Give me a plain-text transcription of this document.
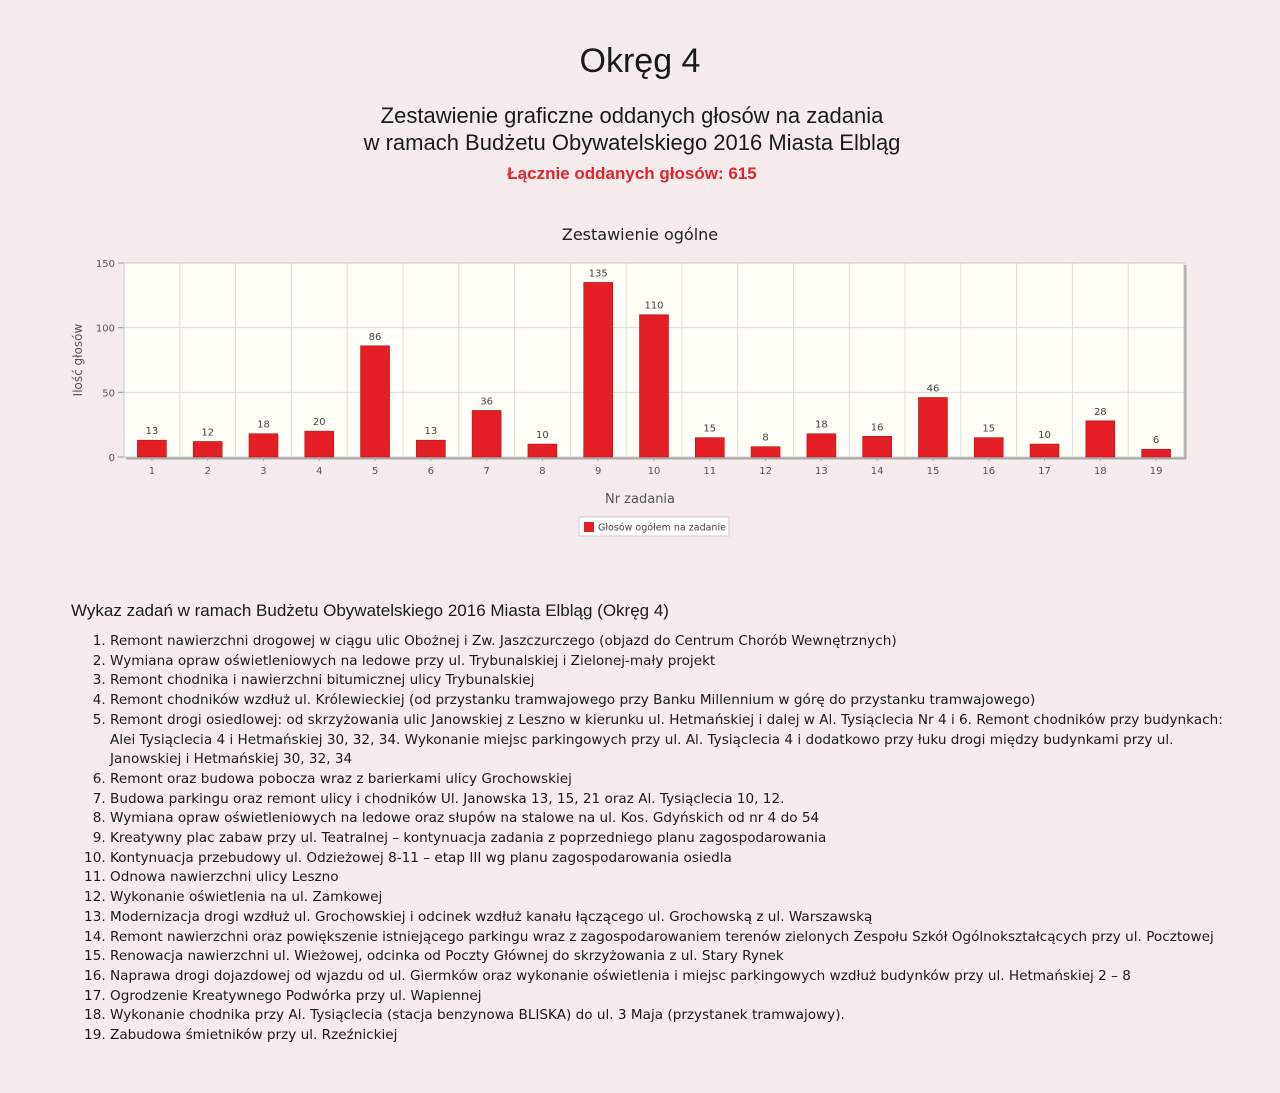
Okręg 4
Zestawienie graficzne oddanych głosów na zadania
w ramach Budżetu Obywatelskiego 2016 Miasta Elbląg
Łącznie oddanych głosów: 615
Zestawienie ogólne
0
50
100
150
13
1
12
2
18
3
20
4
86
5
13
6
36
7
10
8
135
9
110
10
15
11
8
12
18
13
16
14
46
15
15
16
10
17
28
18
6
19
Nr zadania
Ilość głosów
Głosów ogółem na zadanie
Wykaz zadań w ramach Budżetu Obywatelskiego 2016 Miasta Elbląg (Okręg 4)
1. Remont nawierzchni drogowej w ciągu ulic Obożnej i Zw. Jaszczurczego (objazd do Centrum Chorób Wewnętrznych)
2. Wymiana opraw oświetleniowych na ledowe przy ul. Trybunalskiej i Zielonej-mały projekt
3. Remont chodnika i nawierzchni bitumicznej ulicy Trybunalskiej
4. Remont chodników wzdłuż ul. Królewieckiej (od przystanku tramwajowego przy Banku Millennium w górę do przystanku tramwajowego)
5. Remont drogi osiedlowej: od skrzyżowania ulic Janowskiej z Leszno w kierunku ul. Hetmańskiej i dalej w Al. Tysiąclecia Nr 4 i 6. Remont chodników przy budynkach: Alei Tysiąclecia 4 i Hetmańskiej 30, 32, 34. Wykonanie miejsc parkingowych przy ul. Al. Tysiąclecia 4 i dodatkowo przy łuku drogi między budynkami przy ul. Janowskiej i Hetmańskiej 30, 32, 34
6. Remont oraz budowa pobocza wraz z barierkami ulicy Grochowskiej
7. Budowa parkingu oraz remont ulicy i chodników Ul. Janowska 13, 15, 21 oraz Al. Tysiąclecia 10, 12.
8. Wymiana opraw oświetleniowych na ledowe oraz słupów na stalowe na ul. Kos. Gdyńskich od nr 4 do 54
9. Kreatywny plac zabaw przy ul. Teatralnej – kontynuacja zadania z poprzedniego planu zagospodarowania
10. Kontynuacja przebudowy ul. Odzieżowej 8-11 – etap III wg planu zagospodarowania osiedla
11. Odnowa nawierzchni ulicy Leszno
12. Wykonanie oświetlenia na ul. Zamkowej
13. Modernizacja drogi wzdłuż ul. Grochowskiej i odcinek wzdłuż kanału łączącego ul. Grochowską z ul. Warszawską
14. Remont nawierzchni oraz powiększenie istniejącego parkingu wraz z zagospodarowaniem terenów zielonych Zespołu Szkół Ogólnokształcących przy ul. Pocztowej
15. Renowacja nawierzchni ul. Wieżowej, odcinka od Poczty Głównej do skrzyżowania z ul. Stary Rynek
16. Naprawa drogi dojazdowej od wjazdu od ul. Giermków oraz wykonanie oświetlenia i miejsc parkingowych wzdłuż budynków przy ul. Hetmańskiej 2 – 8
17. Ogrodzenie Kreatywnego Podwórka przy ul. Wapiennej
18. Wykonanie chodnika przy Al. Tysiąclecia (stacja benzynowa BLISKA) do ul. 3 Maja (przystanek tramwajowy).
19. Zabudowa śmietników przy ul. Rzeźnickiej
